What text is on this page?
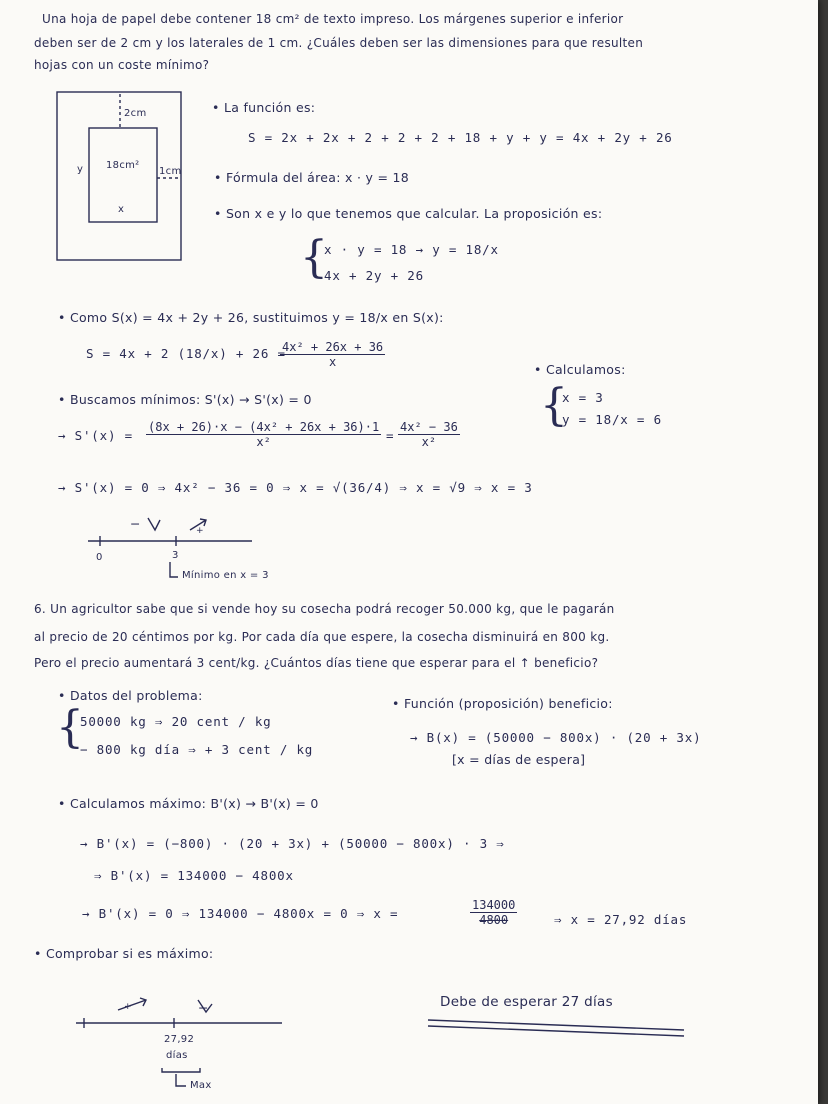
Una hoja de papel debe contener 18 cm² de texto impreso. Los márgenes superior e inferior

deben ser de 2 cm y los laterales de 1 cm. ¿Cuáles deben ser las dimensiones para que resulten

hojas con un coste mínimo?

2cm

1cm

18cm²

y

x

• La función es:

S = 2x + 2x + 2 + 2 + 2 + 18 + y + y = 4x + 2y + 26

• Fórmula del área: x · y = 18

• Son x e y lo que tenemos que calcular. La proposición es:

{

x · y = 18 → y = 18/x

4x + 2y + 26

• Como S(x) = 4x + 2y + 26, sustituimos y = 18/x en S(x):

S = 4x + 2 (18/x) + 26 =

$\frac{\text{4x² + 26x + 36}}{x}$

• Calculamos:

{

x = 3

y = 18/x = 6

• Buscamos mínimos: S'(x) → S'(x) = 0

→ $S'(x) = \frac{\text{(8x + 26)·x − (4x² + 26x + 36)·1}}{\text{x²}} = \frac{\text{4x² − 36}}{\text{x²}}$

→ S'(x) = 0 ⇒ 4x² − 36 = 0 ⇒ x = √(36/4) ⇒ x = √9 ⇒ x = 3

−	+

0	3

Mínimo en x = 3

6. Un agricultor sabe que si vende hoy su cosecha podrá recoger 50.000 kg, que le pagarán

al precio de 20 céntimos por kg. Por cada día que espere, la cosecha disminuirá en 800 kg.

Pero el precio aumentará 3 cent/kg. ¿Cuántos días tiene que esperar para el ↑ beneficio?

• Datos del problema:

{

50000 kg ⇒ 20 cent / kg

− 800 kg día ⇒ + 3 cent / kg

• Función (proposición) beneficio:

→ B(x) = (50000 − 800x) · (20 + 3x)

[x = días de espera]

• Calculamos máximo: B'(x) → B'(x) = 0

→ B'(x) = (−800) · (20 + 3x) + (50000 − 800x) · 3 ⇒

⇒ B'(x) = 134000 − 4800x

→ B'(x) = 0 ⇒ 134000 − 4800x = 0 ⇒ x =	$\frac{134000}{4800}$	⇒ x = 27,92 días

• Comprobar si es máximo:

+	−

27,92

días

Max

Debe de esperar 27 días
